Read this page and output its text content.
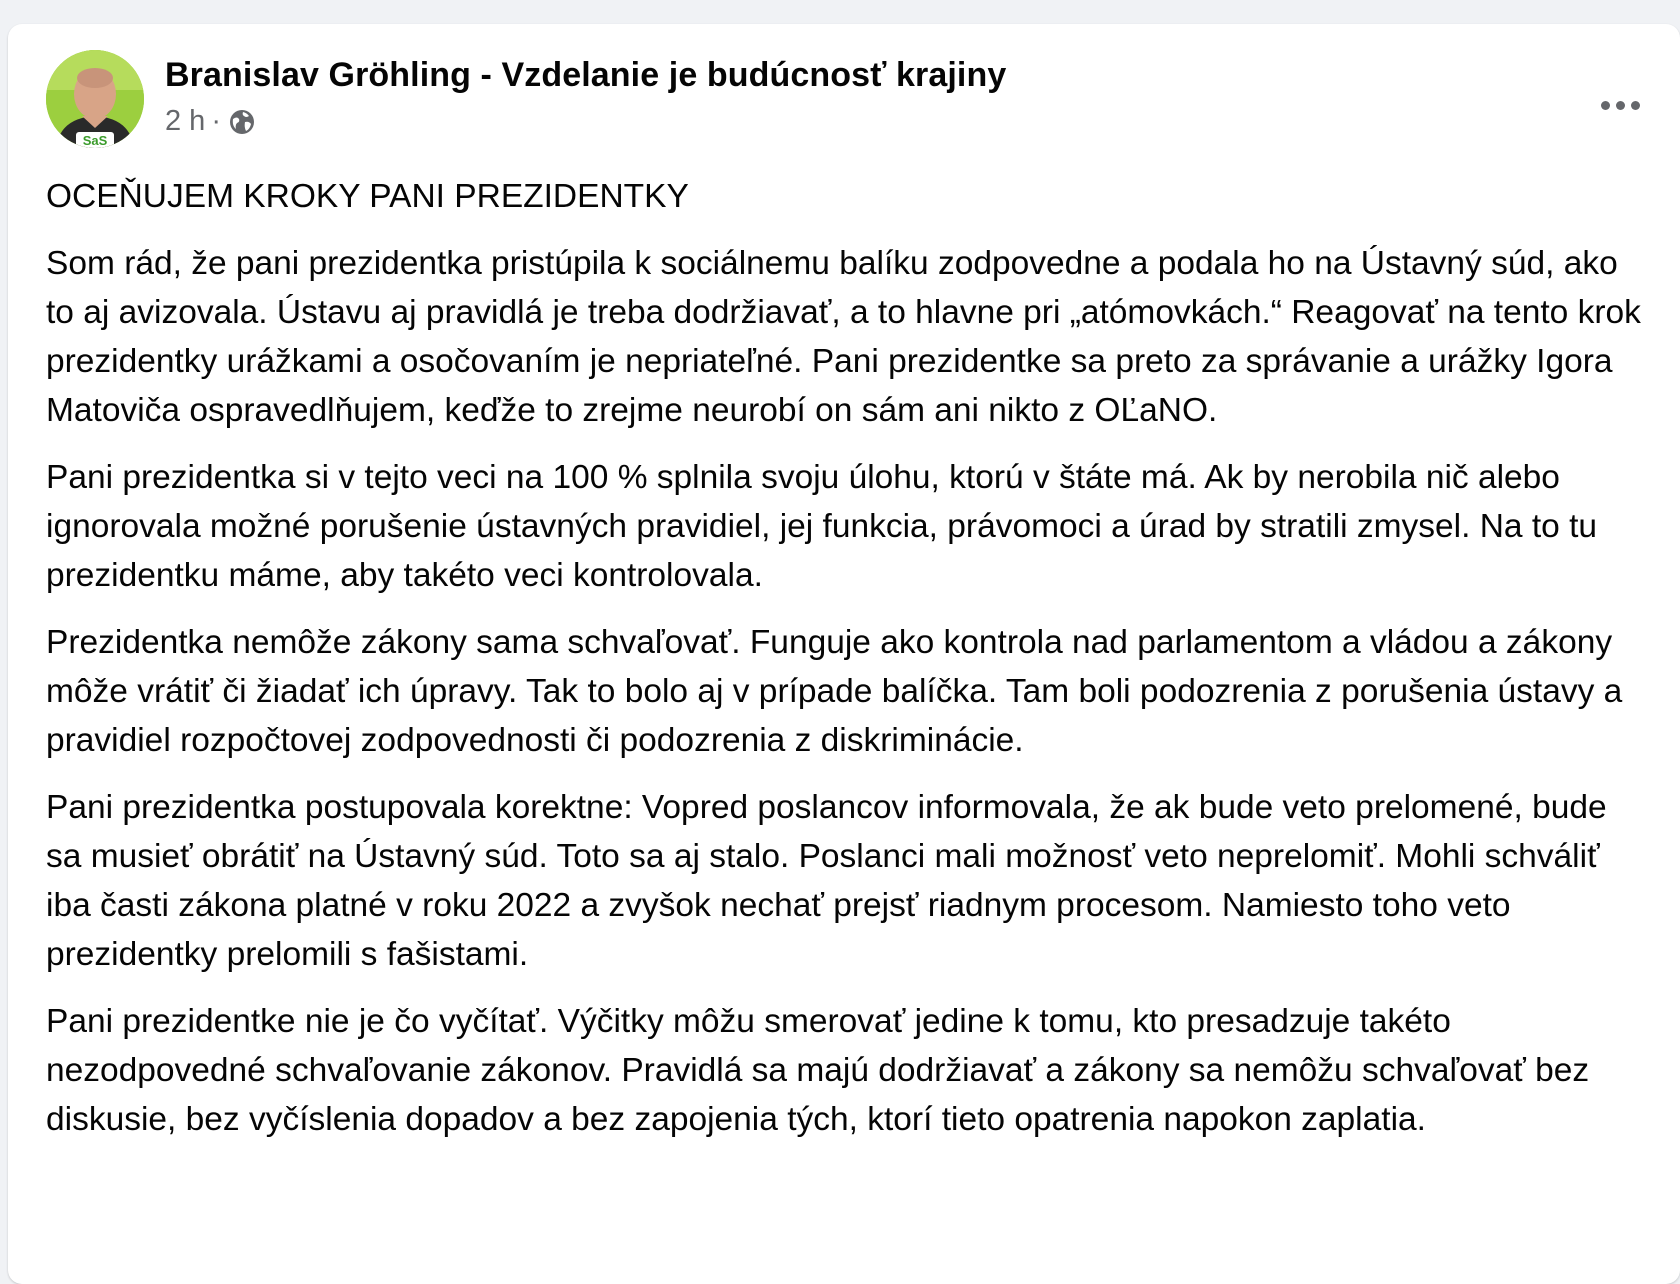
SaS
Branislav Gröhling - Vzdelanie je budúcnosť krajiny
2 h ·

OCEŇUJEM KROKY PANI PREZIDENTKY

Som rád, že pani prezidentka pristúpila k sociálnemu balíku zodpovedne a podala ho na Ústavný súd, ako to aj avizovala. Ústavu aj pravidlá je treba dodržiavať, a to hlavne pri „atómovkách.“ Reagovať na tento krok prezidentky urážkami a osočovaním je nepriateľné. Pani prezidentke sa preto za správanie a urážky Igora Matoviča ospravedlňujem, keďže to zrejme neurobí on sám ani nikto z OĽaNO.

Pani prezidentka si v tejto veci na 100 % splnila svoju úlohu, ktorú v štáte má. Ak by nerobila nič alebo ignorovala možné porušenie ústavných pravidiel, jej funkcia, právomoci a úrad by stratili zmysel. Na to tu prezidentku máme, aby takéto veci kontrolovala.

Prezidentka nemôže zákony sama schvaľovať. Funguje ako kontrola nad parlamentom a vládou a zákony môže vrátiť či žiadať ich úpravy. Tak to bolo aj v prípade balíčka. Tam boli podozrenia z porušenia ústavy a pravidiel rozpočtovej zodpovednosti či podozrenia z diskriminácie.

Pani prezidentka postupovala korektne: Vopred poslancov informovala, že ak bude veto prelomené, bude sa musieť obrátiť na Ústavný súd. Toto sa aj stalo. Poslanci mali možnosť veto neprelomiť. Mohli schváliť iba časti zákona platné v roku 2022 a zvyšok nechať prejsť riadnym procesom. Namiesto toho veto prezidentky prelomili s fašistami.

Pani prezidentke nie je čo vyčítať. Výčitky môžu smerovať jedine k tomu, kto presadzuje takéto nezodpovedné schvaľovanie zákonov. Pravidlá sa majú dodržiavať a zákony sa nemôžu schvaľovať bez diskusie, bez vyčíslenia dopadov a bez zapojenia tých, ktorí tieto opatrenia napokon zaplatia.
